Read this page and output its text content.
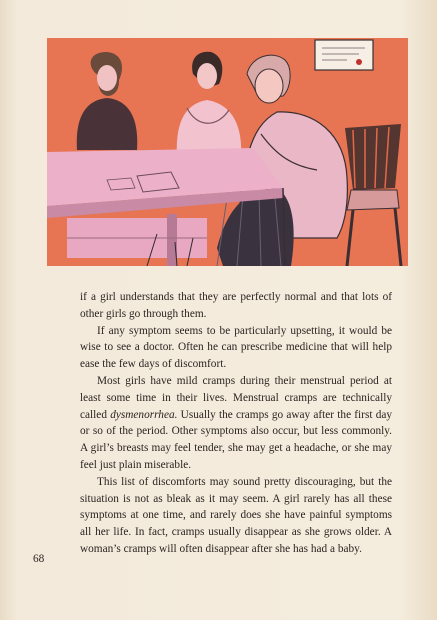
if a girl understands that they are perfectly normal and that lots of other girls go through them.

If any symptom seems to be particularly upsetting, it would be wise to see a doctor. Often he can prescribe medicine that will help ease the few days of discomfort.

Most girls have mild cramps during their menstrual period at least some time in their lives. Menstrual cramps are technically called dysmenorrhea. Usually the cramps go away after the first day or so of the period. Other symptoms also occur, but less commonly. A girl’s breasts may feel tender, she may get a headache, or she may feel just plain miserable.

This list of discomforts may sound pretty discouraging, but the situation is not as bleak as it may seem. A girl rarely has all these symptoms at one time, and rarely does she have painful symptoms all her life. In fact, cramps usually disappear as she grows older. A woman’s cramps will often disappear after she has had a baby.

68
